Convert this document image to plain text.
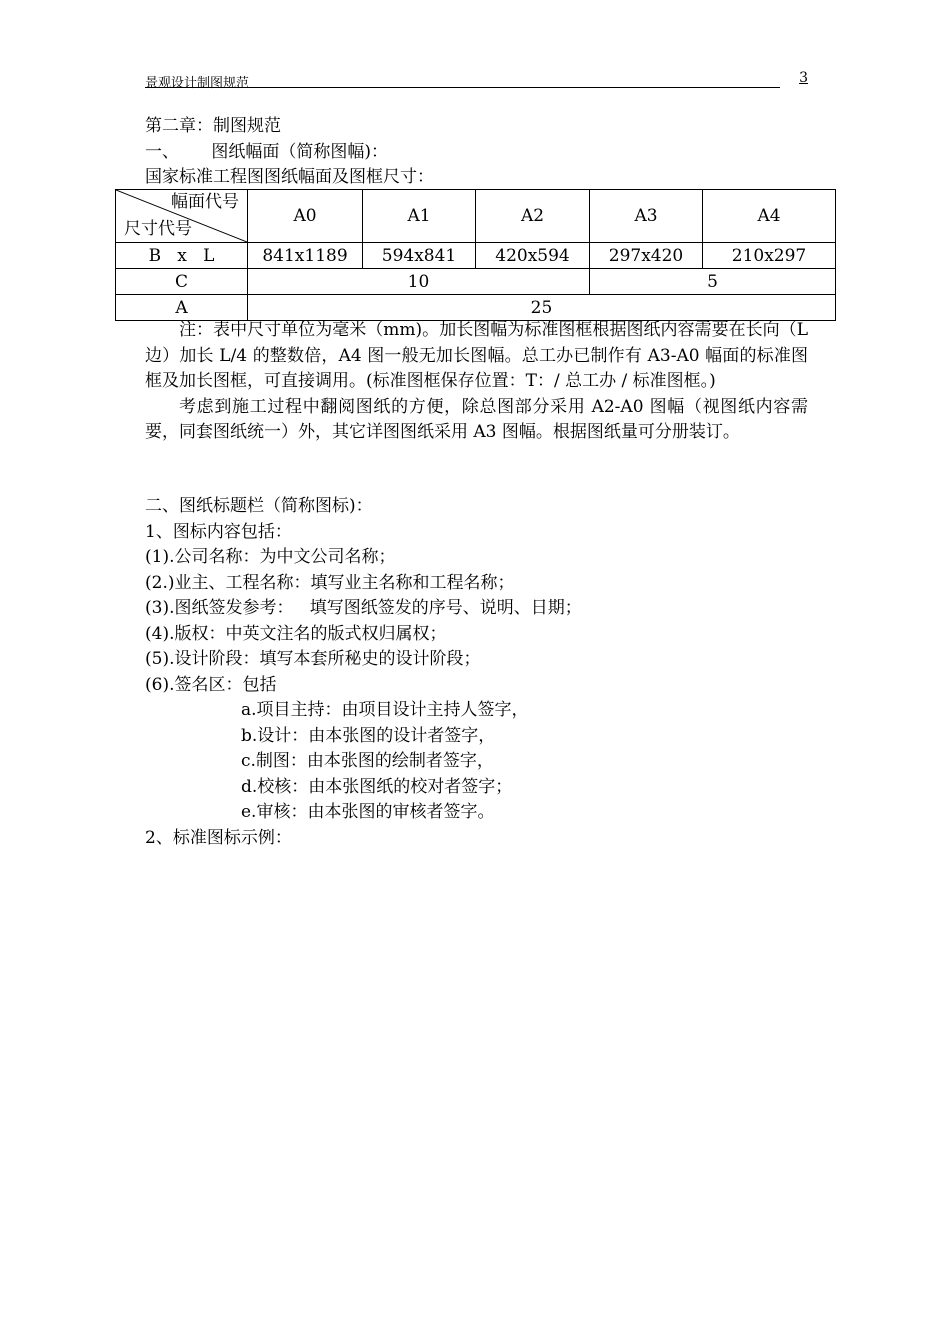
景观设计制图规范	3
第二章：制图规范
一、      图纸幅面（简称图幅)：
国家标准工程图图纸幅面及图框尺寸：
幅面代号
尺寸代号	A0	A1	A2	A3	A4
B   x   L	841x1189	594x841	420x594	297x420	210x297
C	10			5	
A	25				

注：表中尺寸单位为毫米（mm)。加长图幅为标准图框根据图纸内容需要在长向（L 边）加长 L/4 的整数倍，A4 图一般无加长图幅。总工办已制作有 A3-A0 幅面的标准图框及加长图框，可直接调用。(标准图框保存位置：T：/ 总工办 / 标准图框。)

考虑到施工过程中翻阅图纸的方便，除总图部分采用 A2-A0 图幅（视图纸内容需要，同套图纸统一）外，其它详图图纸采用 A3 图幅。根据图纸量可分册装订。

二、图纸标题栏（简称图标)：
1、图标内容包括：
(1).公司名称：为中文公司名称；
(2.)业主、工程名称：填写业主名称和工程名称；
(3).图纸签发参考：   填写图纸签发的序号、说明、日期；
(4).版权：中英文注名的版式权归属权；
(5).设计阶段：填写本套所秘史的设计阶段；
(6).签名区：包括
a.项目主持：由项目设计主持人签字，
b.设计：由本张图的设计者签字，
c.制图：由本张图的绘制者签字，
d.校核：由本张图纸的校对者签字；
e.审核：由本张图的审核者签字。
2、标准图标示例：
